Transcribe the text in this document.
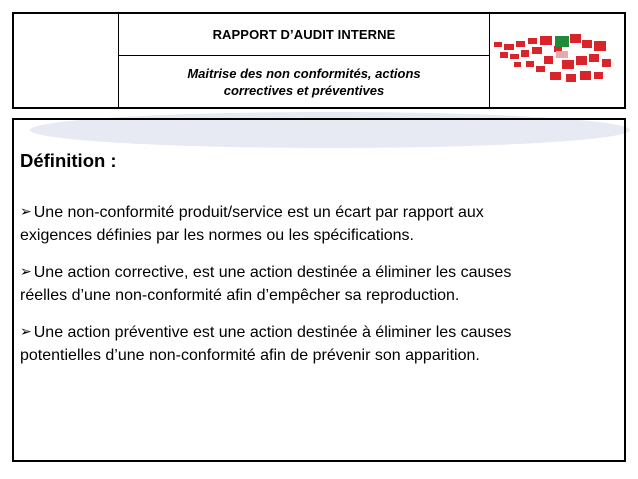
RAPPORT D’AUDIT INTERNE
Maitrise des non conformités, actions
correctives et préventives
Définition :
➢ Une non-conformité produit/service est un écart par rapport aux
exigences définies par les normes ou les spécifications.
➢ Une action corrective, est une action destinée a éliminer les causes
réelles d’une non-conformité afin d’empêcher sa reproduction.
➢ Une action préventive est une action destinée à éliminer les causes
potentielles d’une non-conformité afin de prévenir son apparition.
